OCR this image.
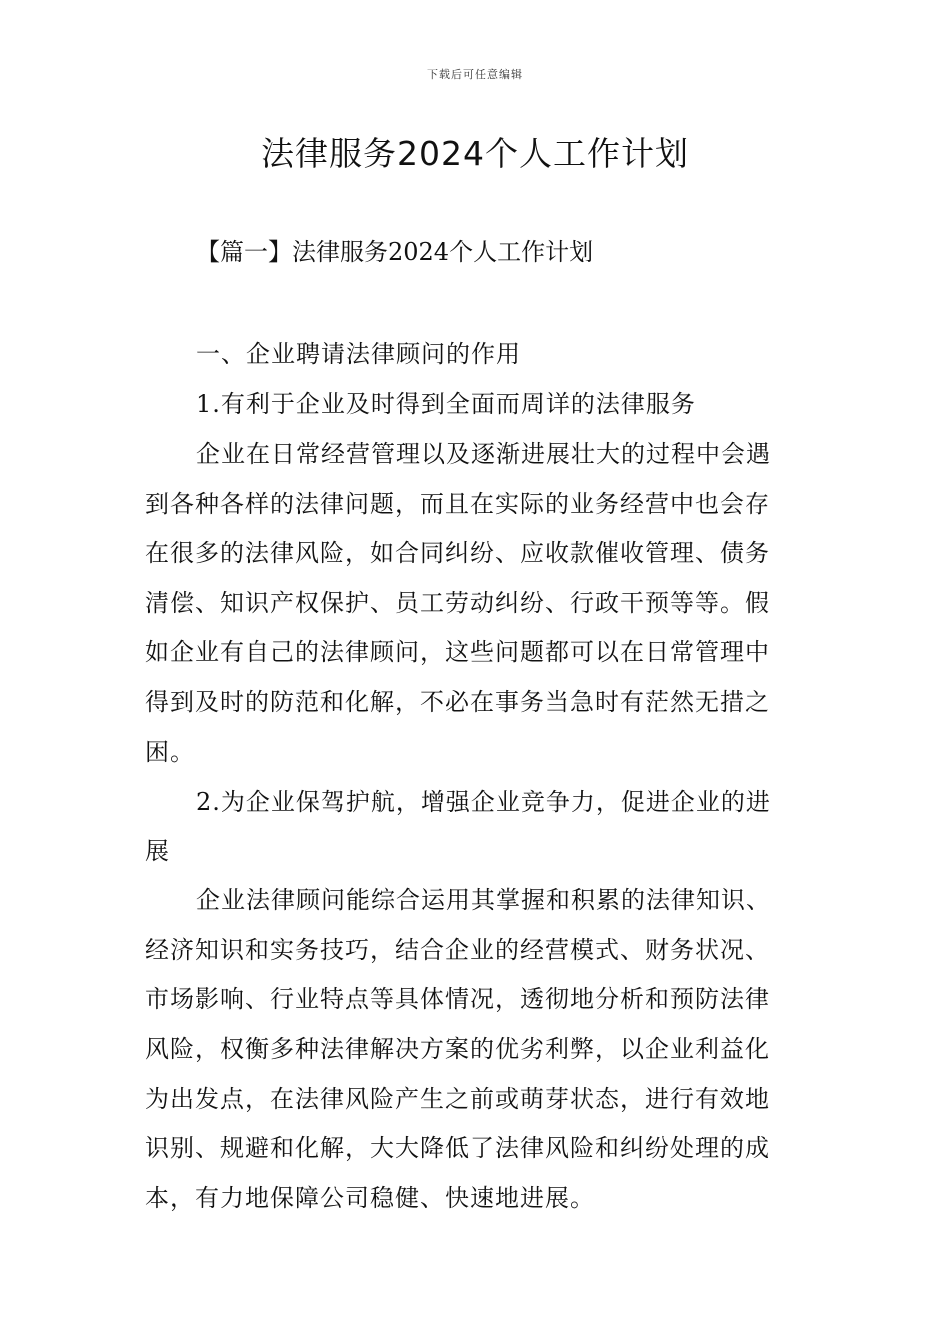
下载后可任意编辑
法律服务2024个人工作计划

【篇一】法律服务2024个人工作计划

一、企业聘请法律顾问的作用

1.有利于企业及时得到全面而周详的法律服务

企业在日常经营管理以及逐渐进展壮大的过程中会遇

到各种各样的法律问题，而且在实际的业务经营中也会存

在很多的法律风险，如合同纠纷、应收款催收管理、债务

清偿、知识产权保护、员工劳动纠纷、行政干预等等。假

如企业有自己的法律顾问，这些问题都可以在日常管理中

得到及时的防范和化解，不必在事务当急时有茫然无措之

困。

2.为企业保驾护航，增强企业竞争力，促进企业的进

展

企业法律顾问能综合运用其掌握和积累的法律知识、

经济知识和实务技巧，结合企业的经营模式、财务状况、

市场影响、行业特点等具体情况，透彻地分析和预防法律

风险，权衡多种法律解决方案的优劣利弊，以企业利益化

为出发点，在法律风险产生之前或萌芽状态，进行有效地

识别、规避和化解，大大降低了法律风险和纠纷处理的成

本，有力地保障公司稳健、快速地进展。
